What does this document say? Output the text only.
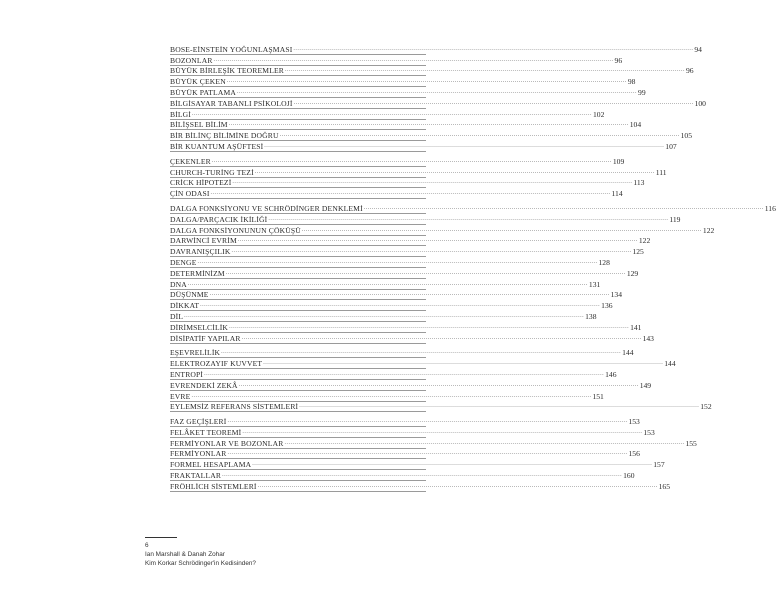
BOSE-EİNSTEİN YOĞUNLAŞMASI ........................................................................................................................................................................................................ 94
BOZONLAR ........................................................................................................................................................................................................ 96
BÜYÜK BİRLEŞİK TEOREMLER ........................................................................................................................................................................................................ 96
BÜYÜK ÇEKEN ........................................................................................................................................................................................................ 98
BÜYÜK PATLAMA ........................................................................................................................................................................................................ 99
BİLGİSAYAR TABANLI PSİKOLOJİ ........................................................................................................................................................................................................ 100
BİLGİ ........................................................................................................................................................................................................ 102
BİLİŞSEL BİLİM ........................................................................................................................................................................................................ 104
BİR BİLİNÇ BİLİMİNE DOĞRU ........................................................................................................................................................................................................ 105
BİR KUANTUM AŞÜFTESİ ........................................................................................................................................................................................................ 107
ÇEKENLER ........................................................................................................................................................................................................ 109
CHURCH-TURİNG TEZİ ........................................................................................................................................................................................................ 111
CRİCK HİPOTEZİ ........................................................................................................................................................................................................ 113
ÇİN ODASI ........................................................................................................................................................................................................ 114
DALGA FONKSİYONU VE SCHRÖDİNGER DENKLEMİ ........................................................................................................................................................................................................ 116
DALGA/PARÇACIK İKİLİĞİ ........................................................................................................................................................................................................ 119
DALGA FONKSİYONUNUN ÇÖKÜŞÜ ........................................................................................................................................................................................................ 122
DARWİNCİ EVRİM ........................................................................................................................................................................................................ 122
DAVRANIŞÇILIK ........................................................................................................................................................................................................ 125
DENGE ........................................................................................................................................................................................................ 128
DETERMİNİZM ........................................................................................................................................................................................................ 129
DNA ........................................................................................................................................................................................................ 131
DÜŞÜNME ........................................................................................................................................................................................................ 134
DİKKAT ........................................................................................................................................................................................................ 136
DİL ........................................................................................................................................................................................................ 138
DİRİMSELCİLİK ........................................................................................................................................................................................................ 141
DİSİPATİF YAPILAR ........................................................................................................................................................................................................ 143
EŞEVRELİLİK ........................................................................................................................................................................................................ 144
ELEKTROZAYIF KUVVET ........................................................................................................................................................................................................ 144
ENTROPİ ........................................................................................................................................................................................................ 146
EVRENDEKİ ZEKÂ ........................................................................................................................................................................................................ 149
EVRE ........................................................................................................................................................................................................ 151
EYLEMSİZ REFERANS SİSTEMLERİ ........................................................................................................................................................................................................ 152
FAZ GEÇİŞLERİ ........................................................................................................................................................................................................ 153
FELÂKET TEOREMİ ........................................................................................................................................................................................................ 153
FERMİYONLAR VE BOZONLAR ........................................................................................................................................................................................................ 155
FERMİYONLAR ........................................................................................................................................................................................................ 156
FORMEL HESAPLAMA ........................................................................................................................................................................................................ 157
FRAKTALLAR ........................................................................................................................................................................................................ 160
FRÖHLİCH SİSTEMLERİ ........................................................................................................................................................................................................ 165
6
Ian Marshall & Danah Zohar
Kim Korkar Schrödinger'in Kedisinden?
